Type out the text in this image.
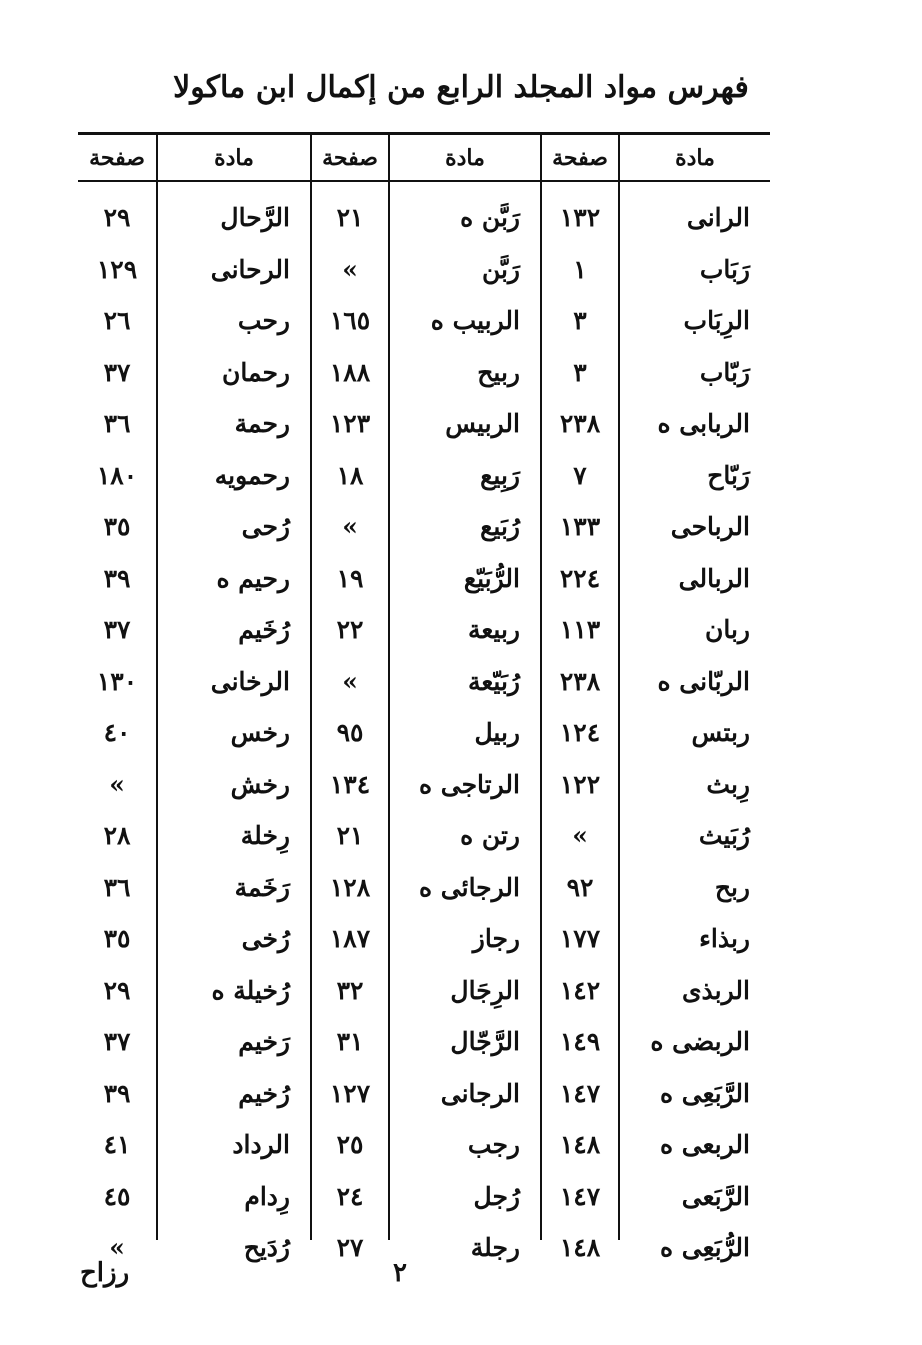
فهرس مواد المجلد الرابع من إكمال ابن ماكولا
مادة
صفحة
مادة
صفحة
مادة
صفحة
الرانى
١٣٢
رَبَّن ه
٢١
الرَّحال
٢٩
رَبَاب
١
رَبَّن
»
الرحانى
١٢٩
الرِبَاب
٣
الربيب ه
١٦٥
رحب
٢٦
رَبّاب
٣
ربيح
١٨٨
رحمان
٣٧
الربابى ه
٢٣٨
الربيس
١٢٣
رحمة
٣٦
رَبّاح
٧
رَبِيع
١٨
رحمويه
١٨٠
الرباحى
١٣٣
رُبَيع
»
رُحى
٣٥
الربالى
٢٢٤
الرُّبَيّع
١٩
رحيم ه
٣٩
ربان
١١٣
ربيعة
٢٢
رُخَيم
٣٧
الربّانى ه
٢٣٨
رُبَيّعة
»
الرخانى
١٣٠
ربتس
١٢٤
ربيل
٩٥
رخس
٤٠
رِبث
١٢٢
الرتاجى ه
١٣٤
رخش
»
رُبَيث
»
رتن ه
٢١
رِخلة
٢٨
ربح
٩٢
الرجائى ه
١٢٨
رَخَمة
٣٦
ربذاء
١٧٧
رجاز
١٨٧
رُخى
٣٥
الربذى
١٤٢
الرِجَال
٣٢
رُخيلة ه
٢٩
الربضى ه
١٤٩
الرَّجّال
٣١
رَخيم
٣٧
الرَّبَعِى ه
١٤٧
الرجانى
١٢٧
رُخيم
٣٩
الربعى ه
١٤٨
رجب
٢٥
الرداد
٤١
الرَّبَعى
١٤٧
رُجل
٢٤
رِدام
٤٥
الرُّبَعِى ه
١٤٨
رجلة
٢٧
رُدَيح
»
رزاح	٢
